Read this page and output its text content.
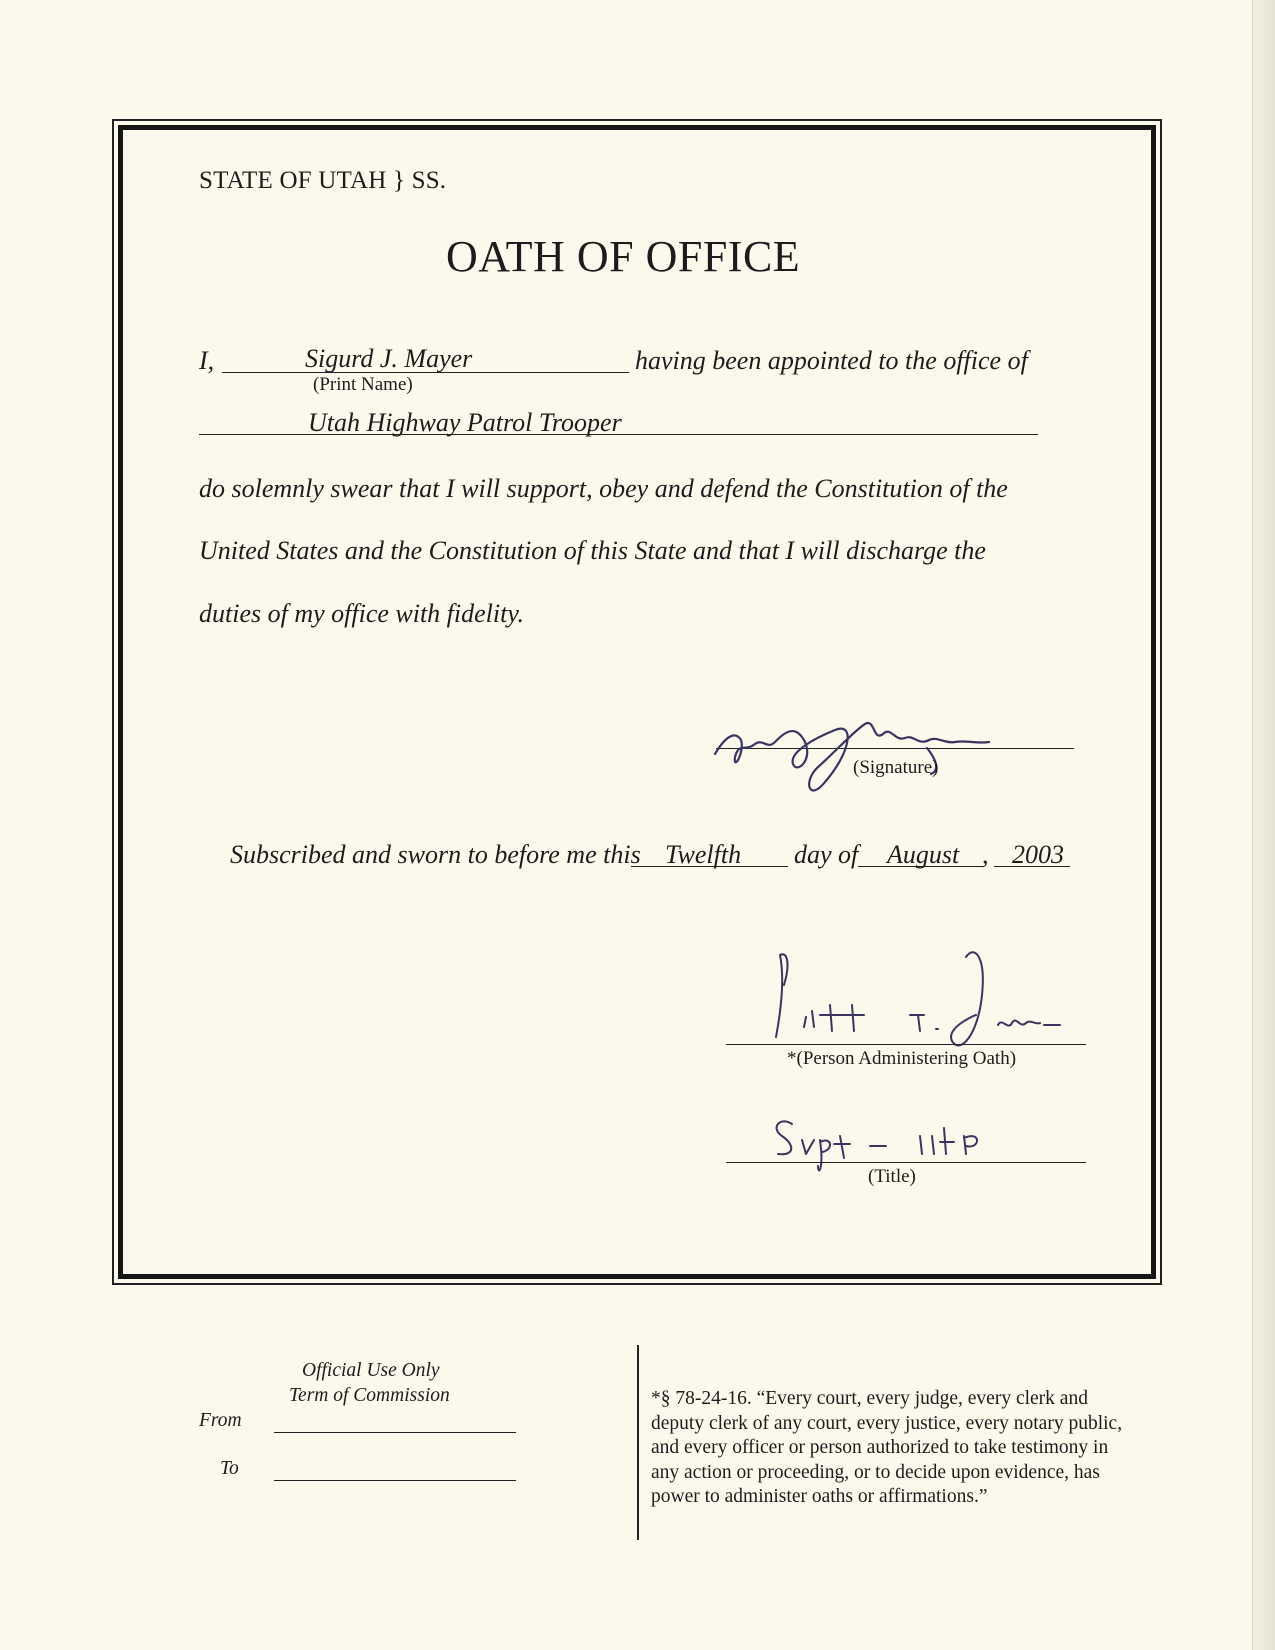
STATE OF UTAH } SS.
OATH OF OFFICE
I,	Sigurd J. Mayer	having been appointed to the office of
(Print Name)
Utah Highway Patrol Trooper
do solemnly swear that I will support, obey and defend the Constitution of the
United States and the Constitution of this State and that I will discharge the
duties of my office with fidelity.
(Signature)
Subscribed and sworn to before me this Twelfth day of August , 2003
*(Person Administering Oath)
(Title)
Official Use Only
Term of Commission
From
To
*§ 78-24-16. “Every court, every judge, every clerk and deputy clerk of any court, every justice, every notary public, and every officer or person authorized to take testimony in any action or proceeding, or to decide upon evidence, has power to administer oaths or affirmations.”
